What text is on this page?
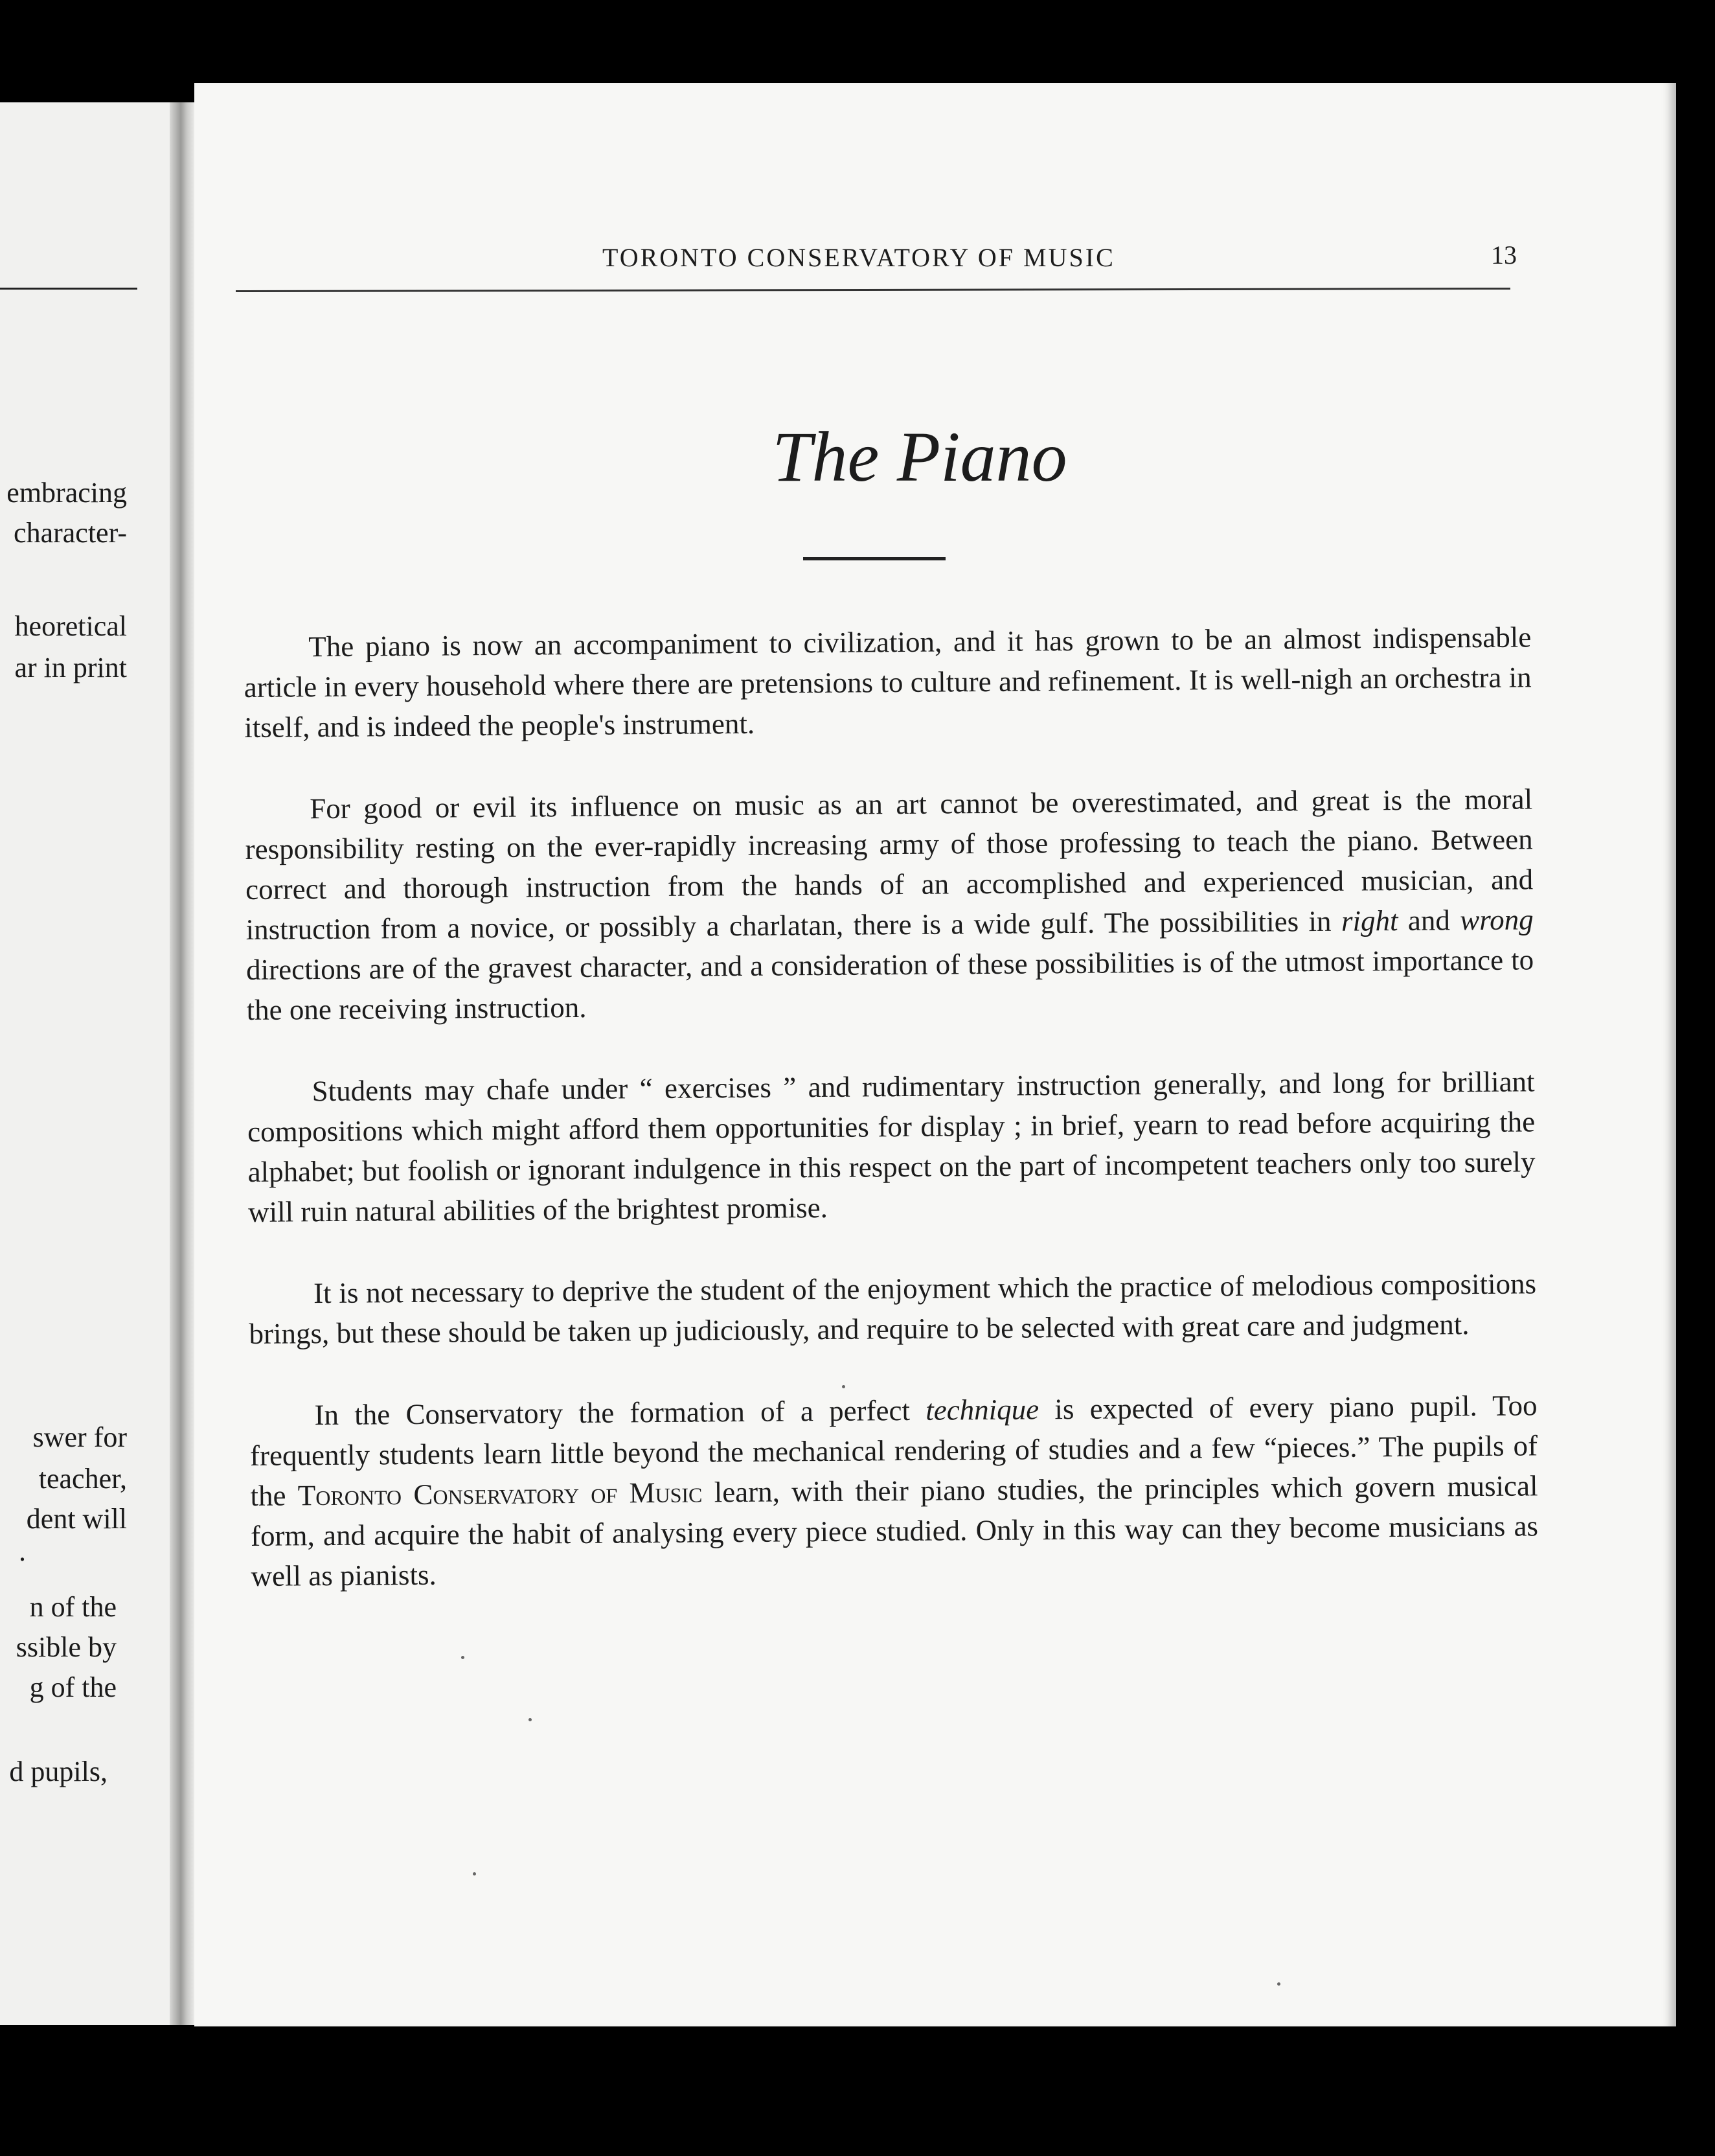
embracing
character-
heoretical
ar in print
swer for
teacher,
dent will
.
n of the
ssible by
g of the
d pupils,
TORONTO CONSERVATORY OF MUSIC	13
The Piano

The piano is now an accompaniment to civilization, and it has grown to be an almost indispensable article in every household where there are pretensions to culture and refinement. It is well-nigh an orchestra in itself, and is indeed the people's instrument.

For good or evil its influence on music as an art cannot be overestimated, and great is the moral responsibility resting on the ever-rapidly increasing army of those professing to teach the piano. Between correct and thorough instruction from the hands of an accomplished and experienced musician, and instruction from a novice, or possibly a charlatan, there is a wide gulf. The possibilities in right and wrong directions are of the gravest character, and a consideration of these possibilities is of the utmost importance to the one receiving instruction.

Students may chafe under “ exercises ” and rudimentary instruction generally, and long for brilliant compositions which might afford them opportunities for display ; in brief, yearn to read before acquiring the alphabet; but foolish or ignorant indulgence in this respect on the part of incompetent teachers only too surely will ruin natural abilities of the brightest promise.

It is not necessary to deprive the student of the enjoyment which the practice of melodious compositions brings, but these should be taken up judiciously, and require to be selected with great care and judgment.

In the Conservatory the formation of a perfect technique is expected of every piano pupil. Too frequently students learn little beyond the mechanical rendering of studies and a few “pieces.” The pupils of the Toronto Conservatory of Music learn, with their piano studies, the principles which govern musical form, and acquire the habit of analysing every piece studied. Only in this way can they become musicians as well as pianists.
